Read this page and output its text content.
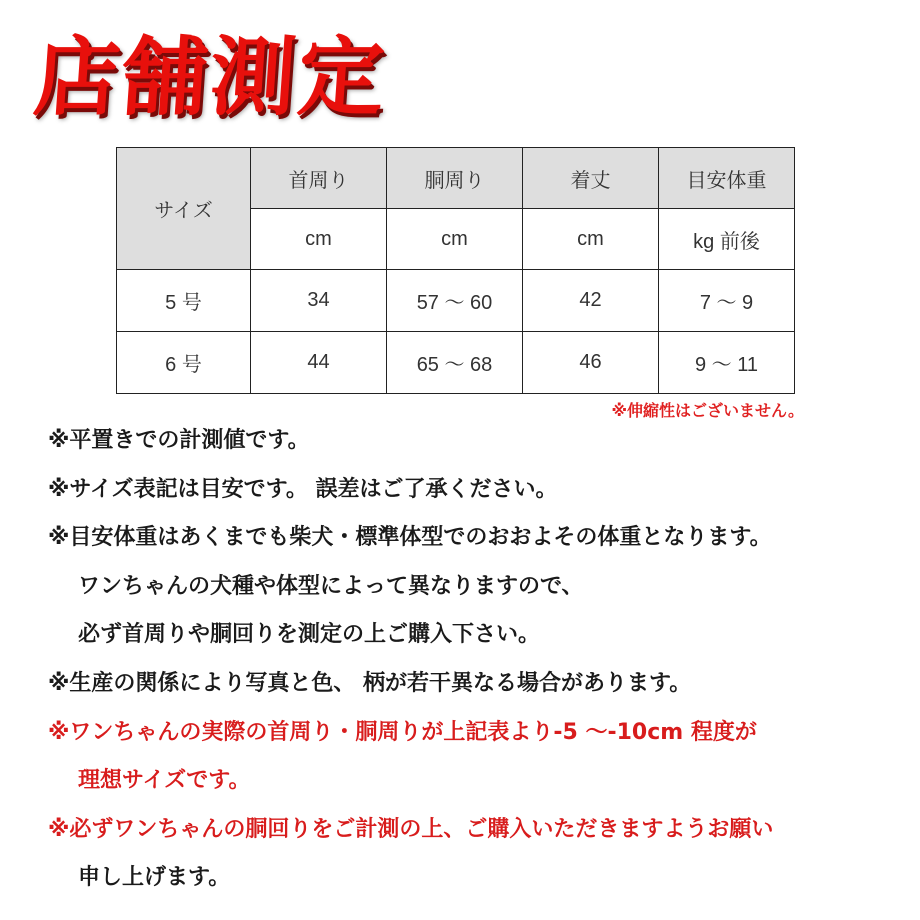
店舗測定
サイズ	首周り	胴周り	着丈	目安体重
	cm	cm	cm	kg 前後
5 号	34	57 〜 60	42	7 〜 9
6 号	44	65 〜 68	46	9 〜 11
※伸縮性はございません。
※平置きでの計測値です。
※サイズ表記は目安です。 誤差はご了承ください。
※目安体重はあくまでも柴犬・標準体型でのおおよその体重となります。
ワンちゃんの犬種や体型によって異なりますので、
必ず首周りや胴回りを測定の上ご購入下さい。
※生産の関係により写真と色、 柄が若干異なる場合があります。
※ワンちゃんの実際の首周り・胴周りが上記表より-5 〜-10cm 程度が
理想サイズです。
※必ずワンちゃんの胴回りをご計測の上、ご購入いただきますようお願い
申し上げます。
